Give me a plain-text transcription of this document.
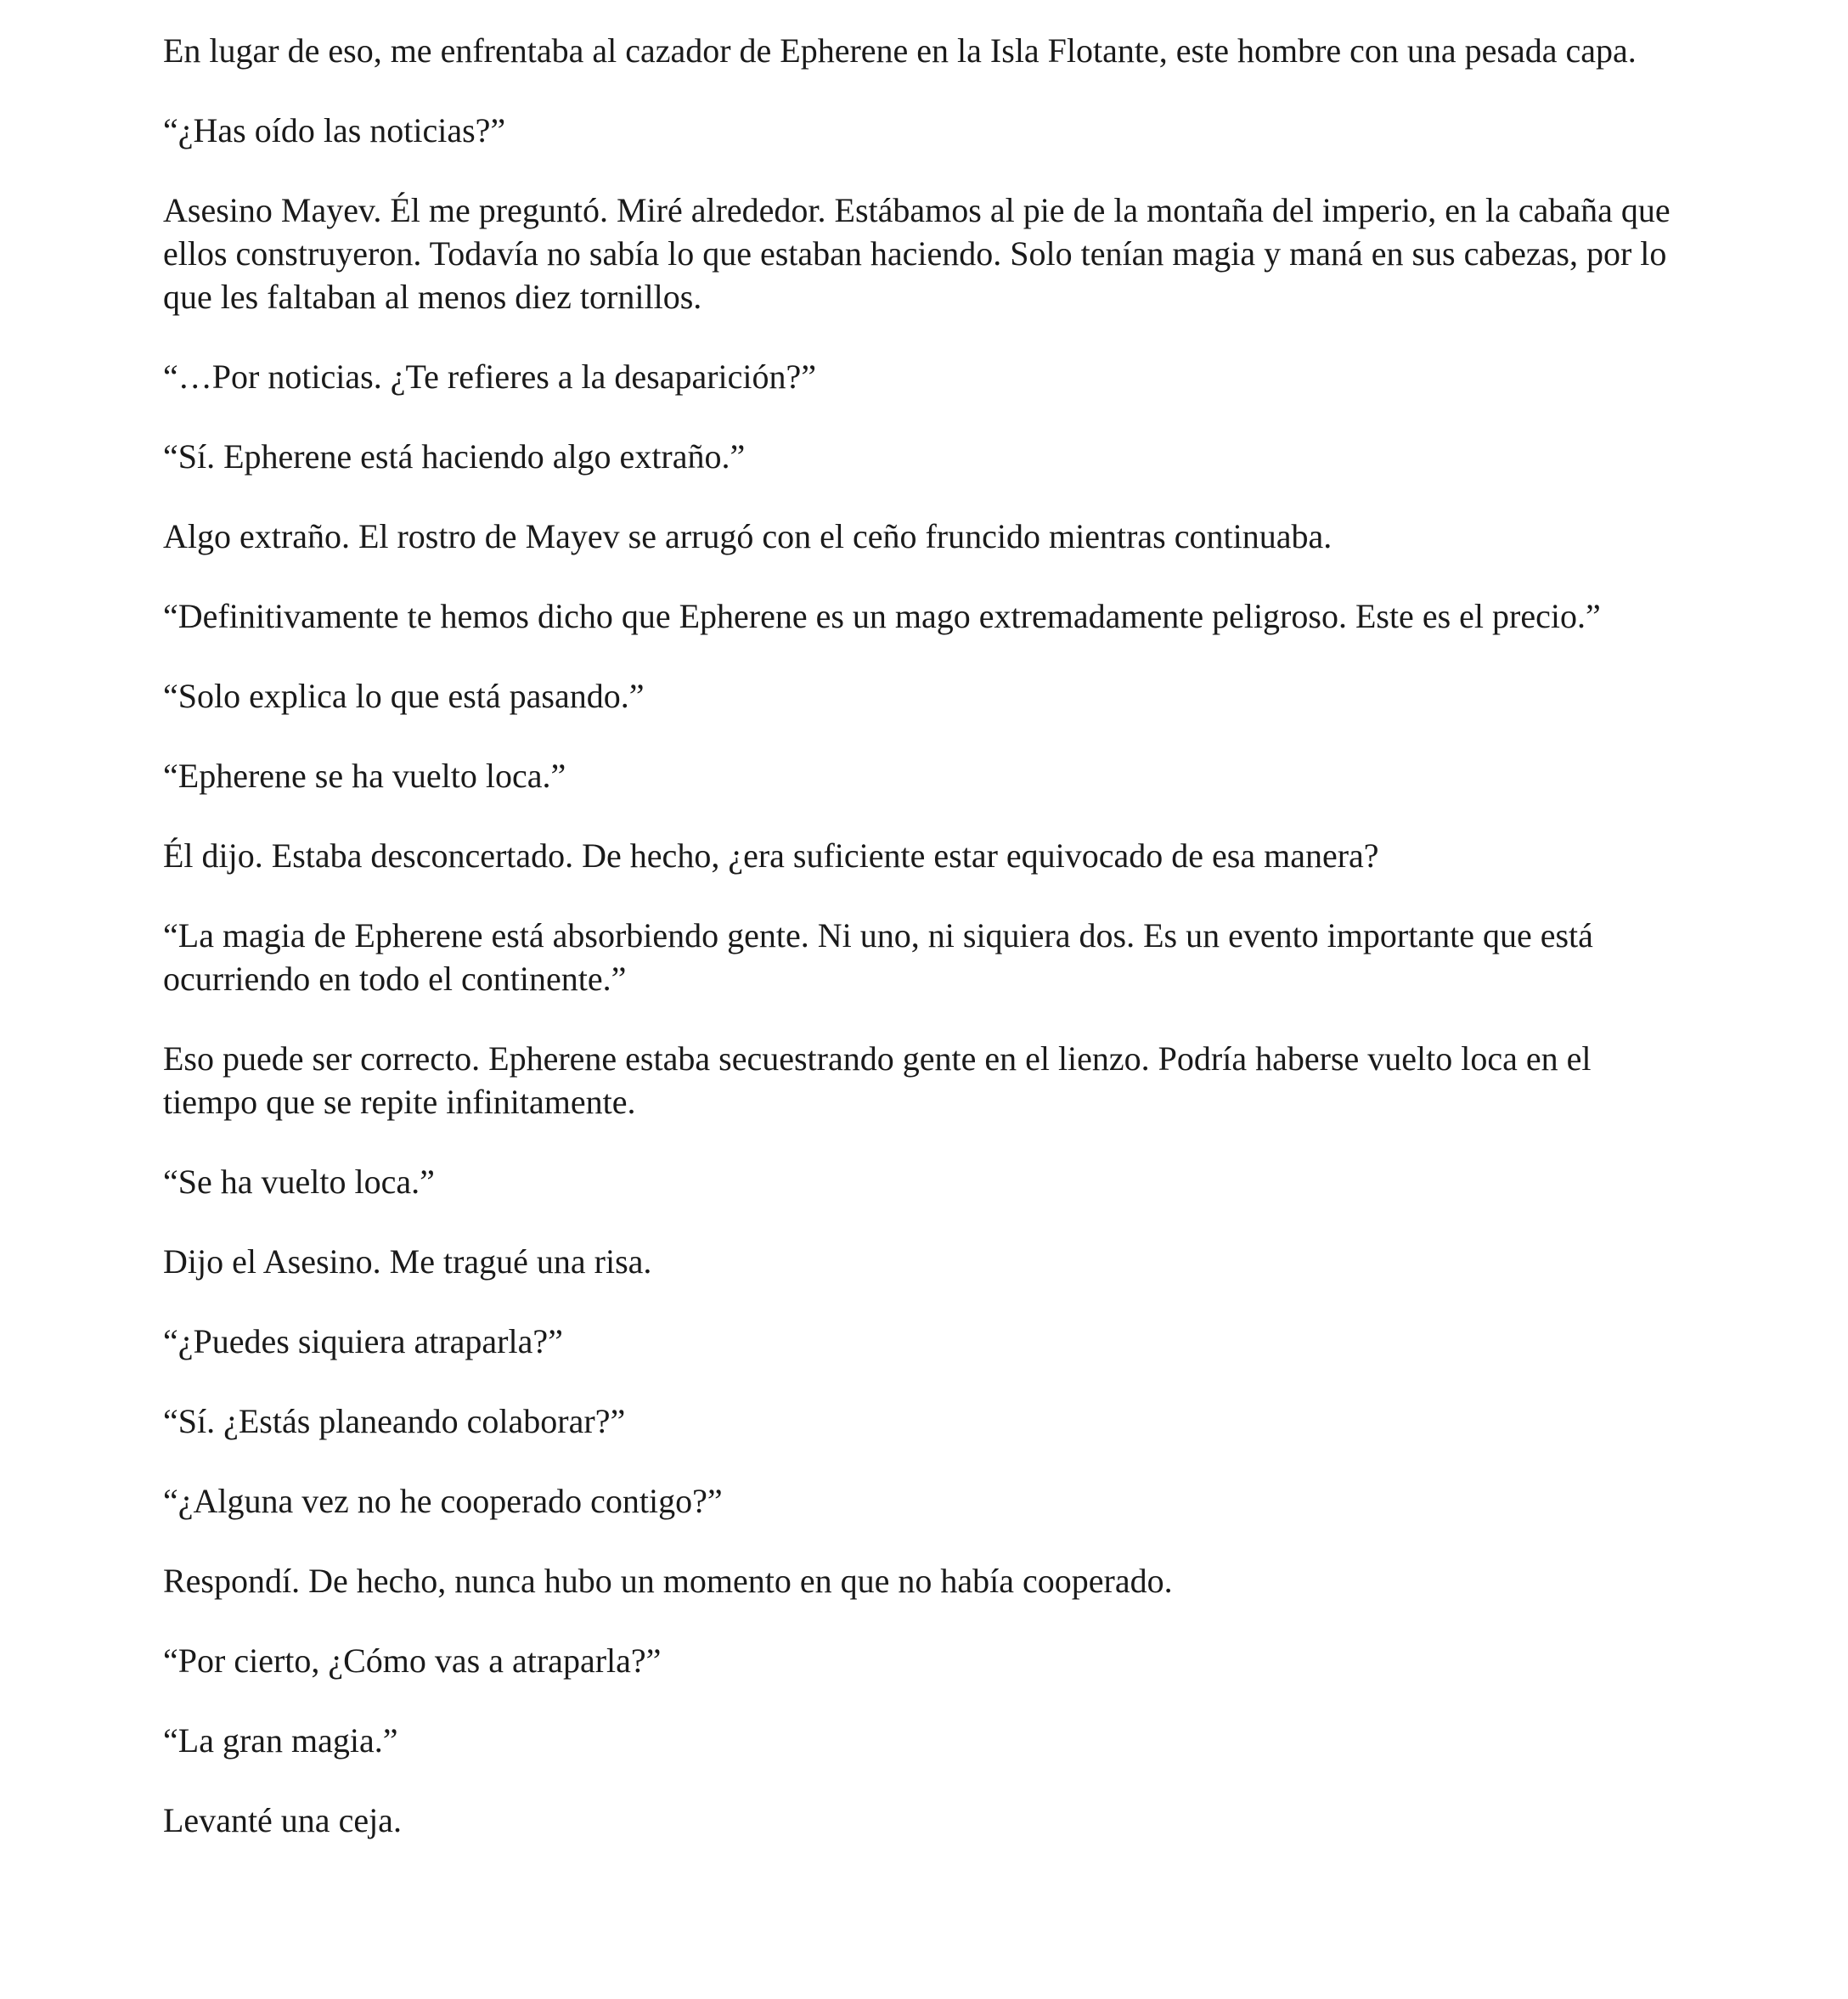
En lugar de eso, me enfrentaba al cazador de Epherene en la Isla Flotante, este hombre con una pesada capa.

“¿Has oído las noticias?”

Asesino Mayev. Él me preguntó. Miré alrededor. Estábamos al pie de la montaña del imperio, en la cabaña que ellos construyeron. Todavía no sabía lo que estaban haciendo. Solo tenían magia y maná en sus cabezas, por lo que les faltaban al menos diez tornillos.

“…Por noticias. ¿Te refieres a la desaparición?”

“Sí. Epherene está haciendo algo extraño.”

Algo extraño. El rostro de Mayev se arrugó con el ceño fruncido mientras continuaba.

“Definitivamente te hemos dicho que Epherene es un mago extremadamente peligroso. Este es el precio.”

“Solo explica lo que está pasando.”

“Epherene se ha vuelto loca.”

Él dijo. Estaba desconcertado. De hecho, ¿era suficiente estar equivocado de esa manera?

“La magia de Epherene está absorbiendo gente. Ni uno, ni siquiera dos. Es un evento importante que está ocurriendo en todo el continente.”

Eso puede ser correcto. Epherene estaba secuestrando gente en el lienzo. Podría haberse vuelto loca en el tiempo que se repite infinitamente.

“Se ha vuelto loca.”

Dijo el Asesino. Me tragué una risa.

“¿Puedes siquiera atraparla?”

“Sí. ¿Estás planeando colaborar?”

“¿Alguna vez no he cooperado contigo?”

Respondí. De hecho, nunca hubo un momento en que no había cooperado.

“Por cierto, ¿Cómo vas a atraparla?”

“La gran magia.”

Levanté una ceja.
